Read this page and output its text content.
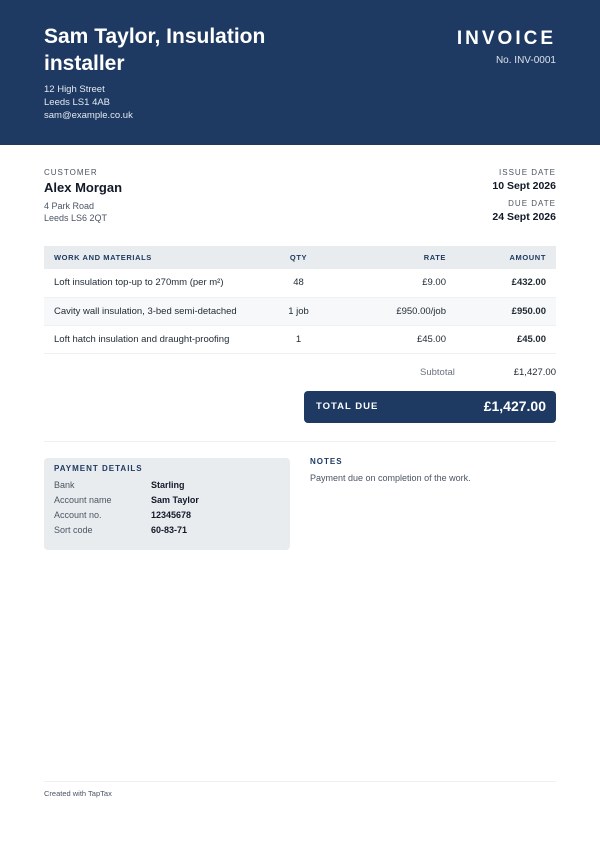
Sam Taylor, Insulation installer
12 High Street
Leeds LS1 4AB
sam@example.co.uk
INVOICE
No. INV-0001
CUSTOMER
Alex Morgan
4 Park Road
Leeds LS6 2QT
ISSUE DATE
10 Sept 2026
DUE DATE
24 Sept 2026
WORK AND MATERIALS	QTY	RATE	AMOUNT
Loft insulation top-up to 270mm (per m²)	48	£9.00	£432.00
Cavity wall insulation, 3-bed semi-detached	1 job	£950.00/job	£950.00
Loft hatch insulation and draught-proofing	1	£45.00	£45.00
Subtotal	£1,427.00
TOTAL DUE	£1,427.00
PAYMENT DETAILS
Bank	Starling
Account name	Sam Taylor
Account no.	12345678
Sort code	60-83-71
NOTES
Payment due on completion of the work.
Created with TapTax
